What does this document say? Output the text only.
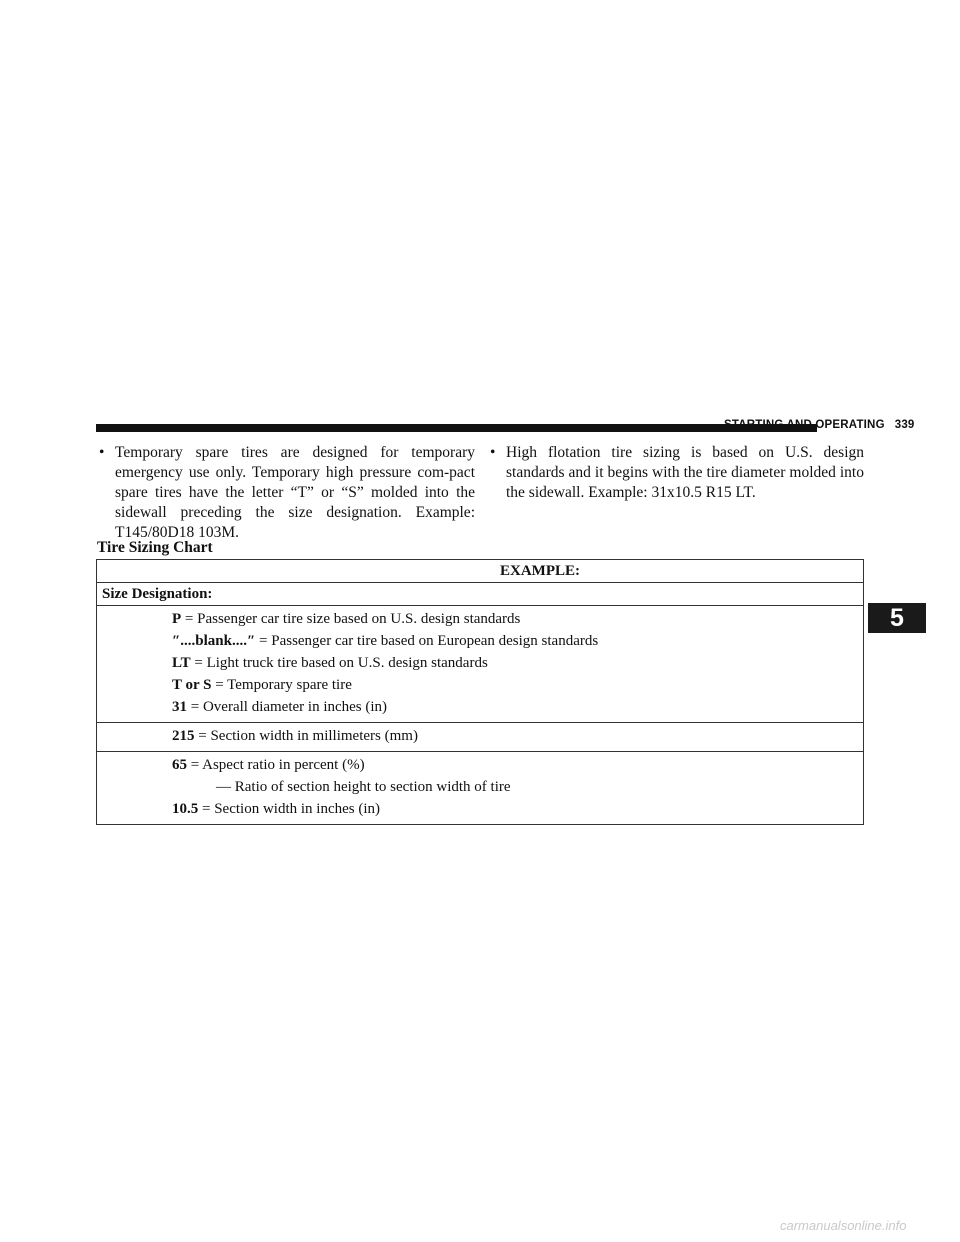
STARTING AND OPERATING 339
• Temporary spare tires are designed for temporary emergency use only. Temporary high pressure com-pact spare tires have the letter “T” or “S” molded into the sidewall preceding the size designation. Example: T145/80D18 103M.
• High flotation tire sizing is based on U.S. design standards and it begins with the tire diameter molded into the sidewall. Example: 31x10.5 R15 LT.
Tire Sizing Chart
EXAMPLE:
Size Designation:

P = Passenger car tire size based on U.S. design standards
″....blank....″ = Passenger car tire based on European design standards
LT = Light truck tire based on U.S. design standards
T or S = Temporary spare tire
31 = Overall diameter in inches (in)

215 = Section width in millimeters (mm)

65 = Aspect ratio in percent (%)
— Ratio of section height to section width of tire
10.5 = Section width in inches (in)
5
carmanualsonline.info
